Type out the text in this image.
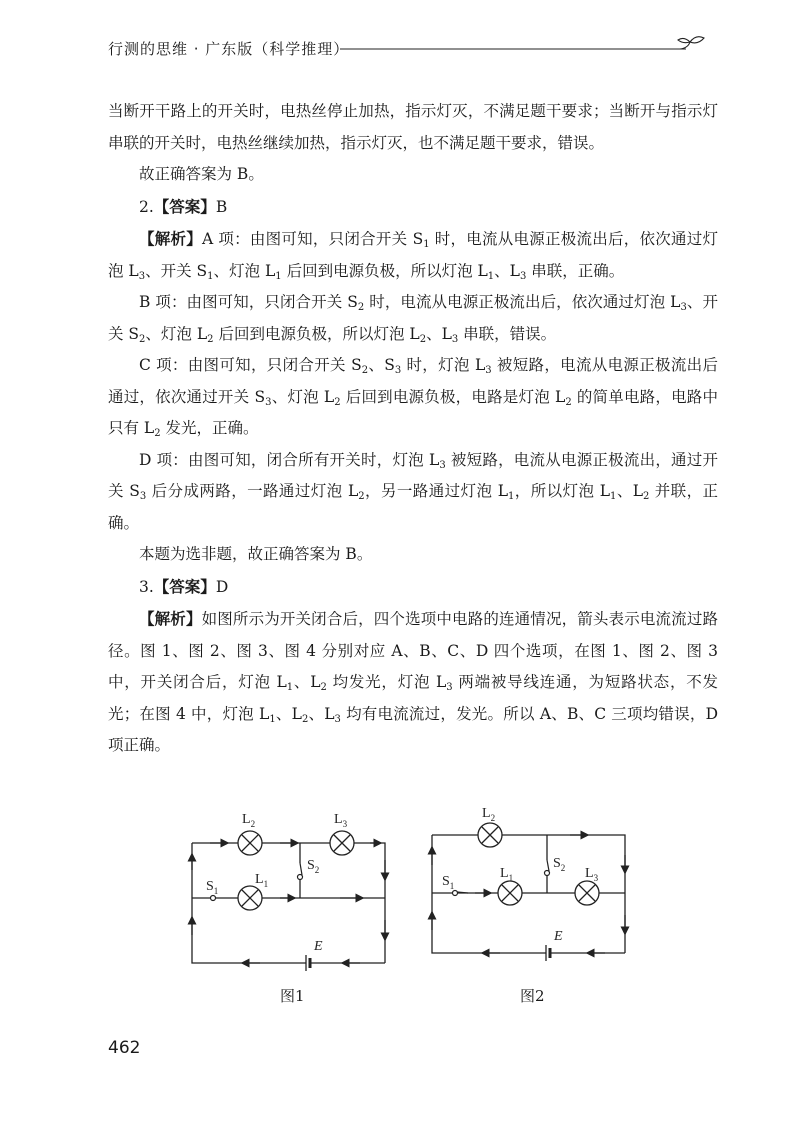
行测的思维 · 广东版（科学推理）

当断开干路上的开关时，电热丝停止加热，指示灯灭，不满足题干要求；当断开与指示灯串联的开关时，电热丝继续加热，指示灯灭，也不满足题干要求，错误。

故正确答案为 B。

2.【答案】B

【解析】A 项：由图可知，只闭合开关 $S_1$ 时，电流从电源正极流出后，依次通过灯泡 $L_3$、开关 $S_1$、灯泡 $L_1$ 后回到电源负极，所以灯泡 $L_1$、$L_3$ 串联，正确。

B 项：由图可知，只闭合开关 $S_2$ 时，电流从电源正极流出后，依次通过灯泡 $L_3$、开关 $S_2$、灯泡 $L_2$ 后回到电源负极，所以灯泡 $L_2$、$L_3$ 串联，错误。

C 项：由图可知，只闭合开关 $S_2$、$S_3$ 时，灯泡 $L_3$ 被短路，电流从电源正极流出后通过，依次通过开关 $S_3$、灯泡 $L_2$ 后回到电源负极，电路是灯泡 $L_2$ 的简单电路，电路中只有 $L_2$ 发光，正确。

D 项：由图可知，闭合所有开关时，灯泡 $L_3$ 被短路，电流从电源正极流出，通过开关 $S_3$ 后分成两路，一路通过灯泡 $L_2$，另一路通过灯泡 $L_1$，所以灯泡 $L_1$、$L_2$ 并联，正确。

本题为选非题，故正确答案为 B。

3.【答案】D

【解析】如图所示为开关闭合后，四个选项中电路的连通情况，箭头表示电流流过路径。图 1、图 2、图 3、图 4 分别对应 A、B、C、D 四个选项，在图 1、图 2、图 3 中，开关闭合后，灯泡 $L_1$、$L_2$ 均发光，灯泡 $L_3$ 两端被导线连通，为短路状态，不发光；在图 4 中，灯泡 $L_1$、$L_2$、$L_3$ 均有电流流过，发光。所以 A、B、C 三项均错误，D 项正确。

$L_2$	$L_3$
$L_1$
$S_1$
$S_2$
E
$L_2$
$L_1$	$L_3$
$S_1$
$S_2$
E
图1	图2
462
